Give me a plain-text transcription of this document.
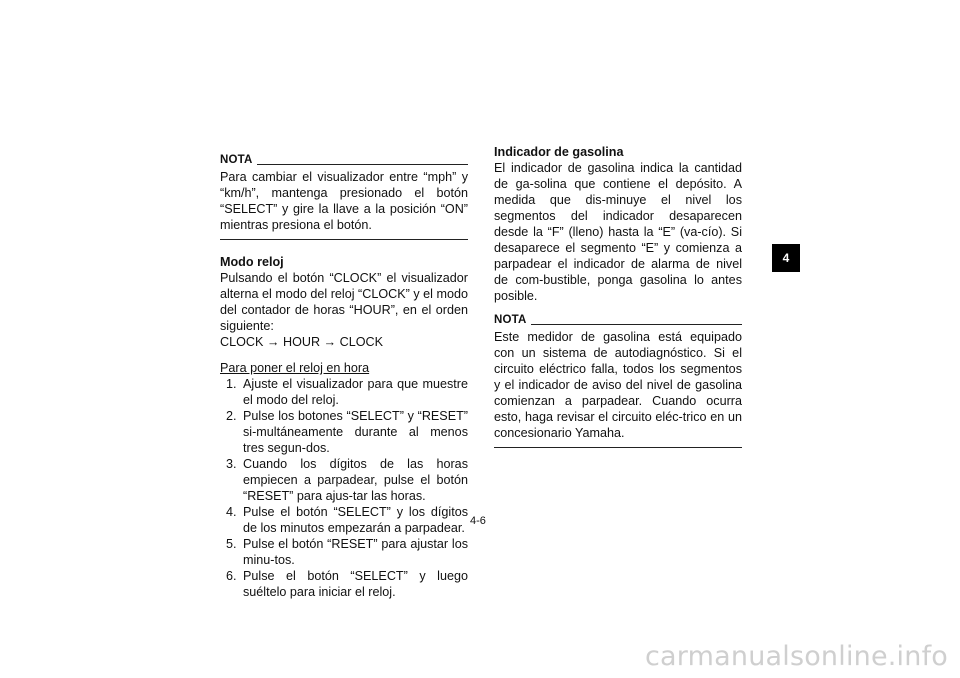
NOTA

Para cambiar el visualizador entre “mph” y “km/h”, mantenga presionado el botón “SELECT” y gire la llave a la posición “ON” mientras presiona el botón.

Modo reloj

Pulsando el botón “CLOCK” el visualizador alterna el modo del reloj “CLOCK” y el modo del contador de horas “HOUR”, en el orden siguiente:

CLOCK → HOUR → CLOCK

Para poner el reloj en hora

1. Ajuste el visualizador para que muestre el modo del reloj.
2. Pulse los botones “SELECT” y “RESET” si-multáneamente durante al menos tres segun-dos.
3. Cuando los dígitos de las horas empiecen a parpadear, pulse el botón “RESET” para ajus-tar las horas.
4. Pulse el botón “SELECT” y los dígitos de los minutos empezarán a parpadear.
5. Pulse el botón “RESET” para ajustar los minu-tos.
6. Pulse el botón “SELECT” y luego suéltelo para iniciar el reloj.

Indicador de gasolina

El indicador de gasolina indica la cantidad de ga-solina que contiene el depósito. A medida que dis-minuye el nivel los segmentos del indicador desaparecen desde la “F” (lleno) hasta la “E” (va-cío). Si desaparece el segmento “E” y comienza a parpadear el indicador de alarma de nivel de com-bustible, ponga gasolina lo antes posible.

NOTA

Este medidor de gasolina está equipado con un sistema de autodiagnóstico. Si el circuito eléctrico falla, todos los segmentos y el indicador de aviso del nivel de gasolina comienzan a parpadear. Cuando ocurra esto, haga revisar el circuito eléc-trico en un concesionario Yamaha.

4
4-6
carmanualsonline.info
